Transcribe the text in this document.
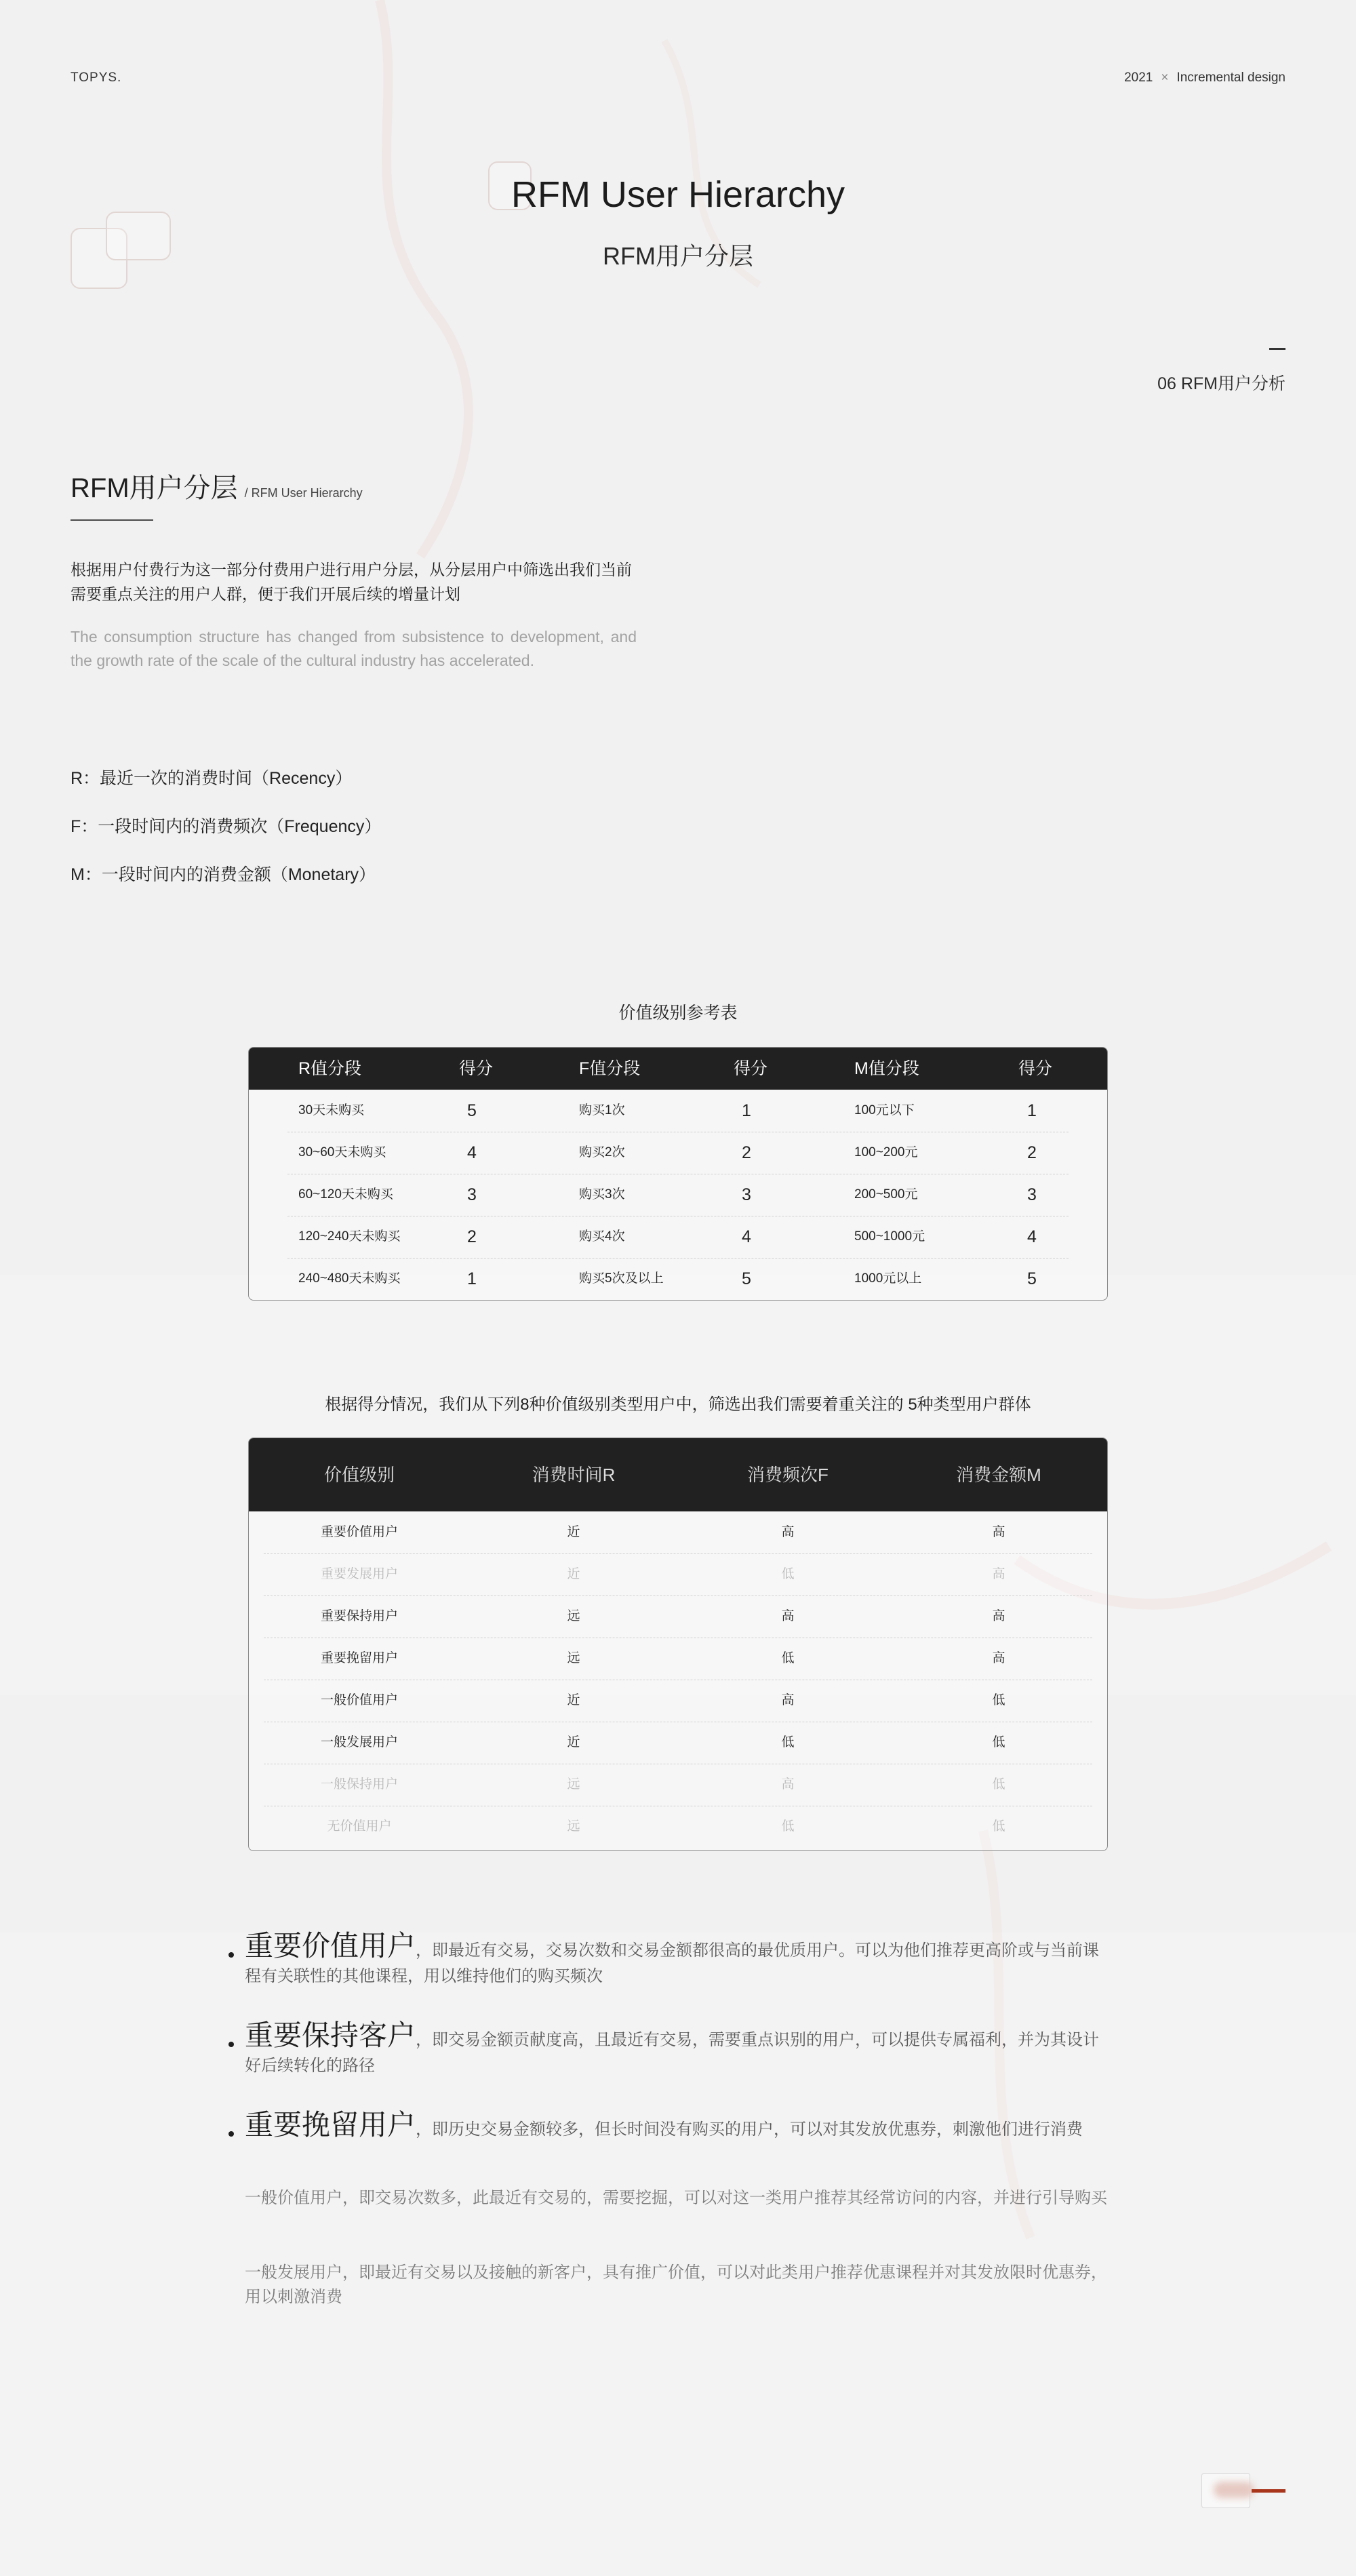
TOPYS.	2021 × Incremental design
RFM User Hierarchy
RFM用户分层
06 RFM用户分析
RFM用户分层 / RFM User Hierarchy
根据用户付费行为这一部分付费用户进行用户分层，从分层用户中筛选出我们当前需要重点关注的用户人群，便于我们开展后续的增量计划
The consumption structure has changed from subsistence to development, and the growth rate of the scale of the cultural industry has accelerated.
R：最近一次的消费时间（Recency）
F：一段时间内的消费频次（Frequency）
M：一段时间内的消费金额（Monetary）
价值级别参考表
R值分段	得分	F值分段	得分	M值分段	得分
30天未购买	5	购买1次	1	100元以下	1
30~60天未购买	4	购买2次	2	100~200元	2
60~120天未购买	3	购买3次	3	200~500元	3
120~240天未购买	2	购买4次	4	500~1000元	4
240~480天未购买	1	购买5次及以上	5	1000元以上	5
根据得分情况，我们从下列8种价值级别类型用户中，筛选出我们需要着重关注的 5种类型用户群体
价值级别	消费时间R	消费频次F	消费金额M
重要价值用户	近	高	高
重要发展用户	近	低	高
重要保持用户	远	高	高
重要挽留用户	远	低	高
一般价值用户	近	高	低
一般发展用户	近	低	低
一般保持用户	远	高	低
无价值用户	远	低	低
重要价值用户，即最近有交易，交易次数和交易金额都很高的最优质用户。可以为他们推荐更高阶或与当前课程有关联性的其他课程，用以维持他们的购买频次
重要保持客户，即交易金额贡献度高，且最近有交易，需要重点识别的用户，可以提供专属福利，并为其设计好后续转化的路径
重要挽留用户，即历史交易金额较多，但长时间没有购买的用户，可以对其发放优惠券，刺激他们进行消费
一般价值用户，即交易次数多，此最近有交易的，需要挖掘，可以对这一类用户推荐其经常访问的内容，并进行引导购买
一般发展用户，即最近有交易以及接触的新客户，具有推广价值，可以对此类用户推荐优惠课程并对其发放限时优惠券，用以刺激消费
